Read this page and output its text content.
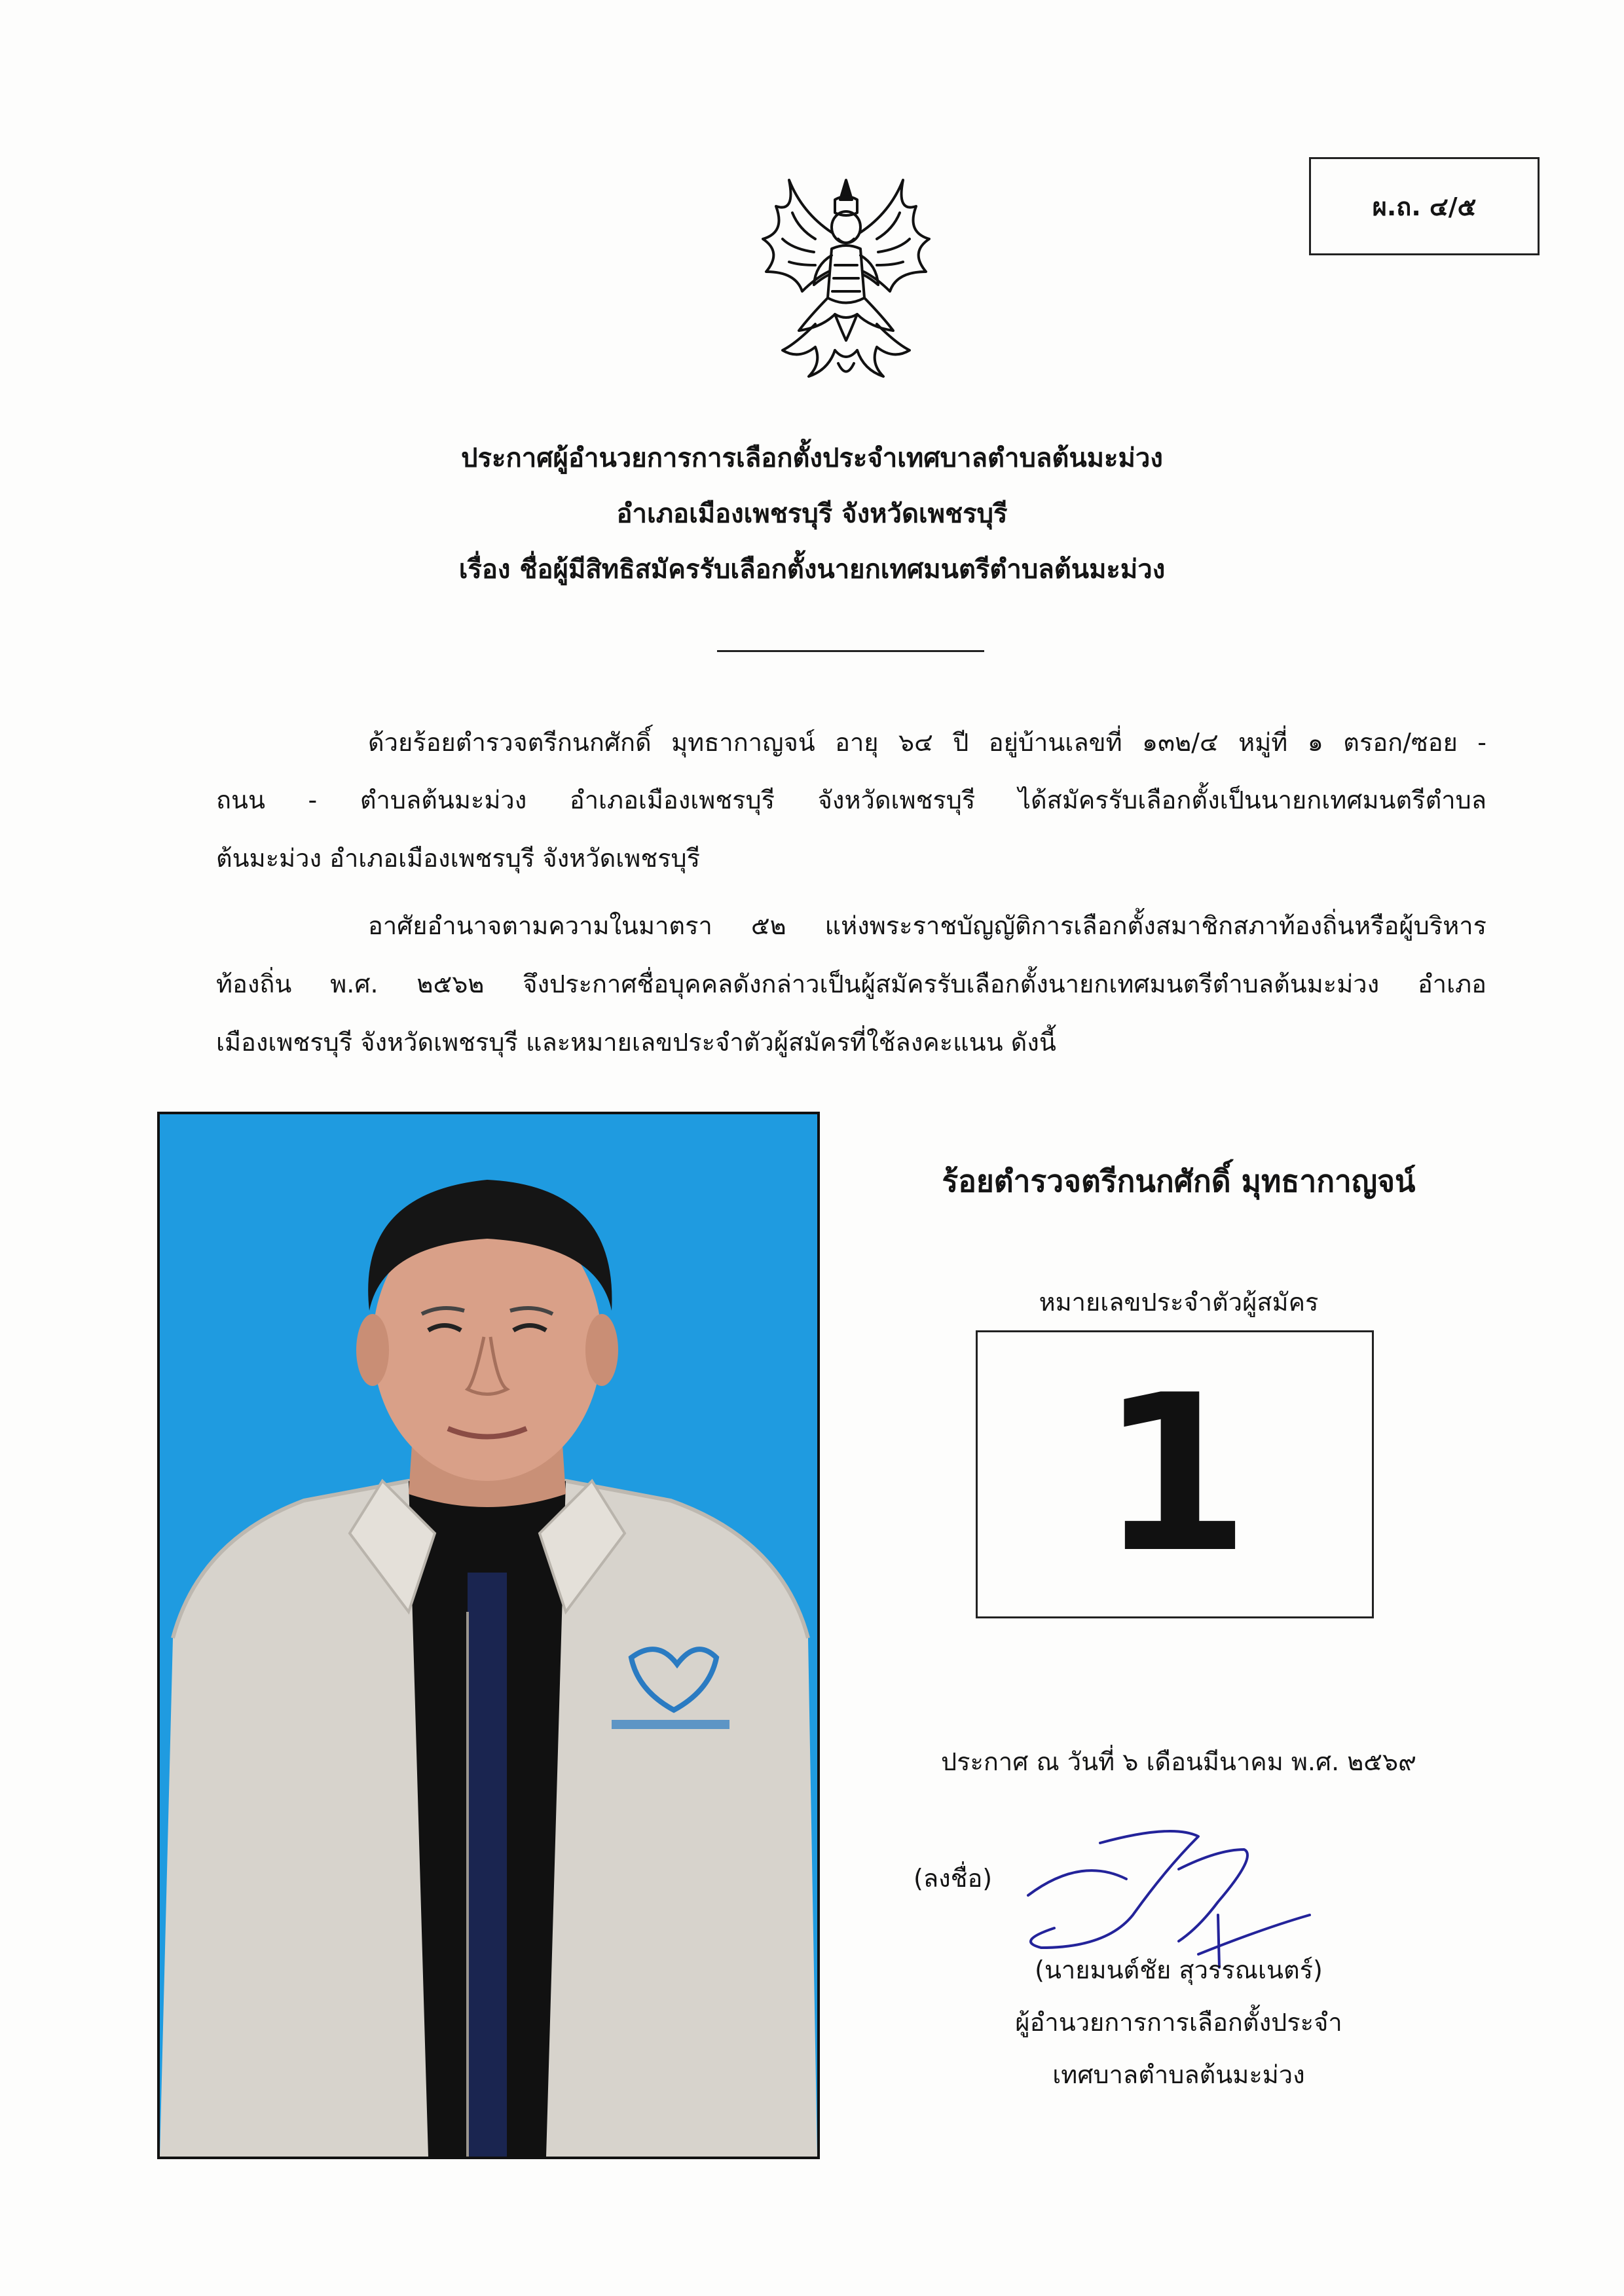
ผ.ถ. ๔/๕
ประกาศผู้อำนวยการการเลือกตั้งประจำเทศบาลตำบลต้นมะม่วง
อำเภอเมืองเพชรบุรี จังหวัดเพชรบุรี
เรื่อง ชื่อผู้มีสิทธิสมัครรับเลือกตั้งนายกเทศมนตรีตำบลต้นมะม่วง
ด้วยร้อยตำรวจตรีกนกศักดิ์ มุทธากาญจน์ อายุ ๖๔ ปี อยู่บ้านเลขที่ ๑๓๒/๔ หมู่ที่ ๑ ตรอก/ซอย -
ถนน - ตำบลต้นมะม่วง อำเภอเมืองเพชรบุรี จังหวัดเพชรบุรี ได้สมัครรับเลือกตั้งเป็นนายกเทศมนตรีตำบล
ต้นมะม่วง อำเภอเมืองเพชรบุรี จังหวัดเพชรบุรี
อาศัยอำนาจตามความในมาตรา ๕๒ แห่งพระราชบัญญัติการเลือกตั้งสมาชิกสภาท้องถิ่นหรือผู้บริหาร
ท้องถิ่น พ.ศ. ๒๕๖๒ จึงประกาศชื่อบุคคลดังกล่าวเป็นผู้สมัครรับเลือกตั้งนายกเทศมนตรีตำบลต้นมะม่วง อำเภอ
เมืองเพชรบุรี จังหวัดเพชรบุรี และหมายเลขประจำตัวผู้สมัครที่ใช้ลงคะแนน ดังนี้
ร้อยตำรวจตรีกนกศักดิ์ มุทธากาญจน์
หมายเลขประจำตัวผู้สมัคร
1
ประกาศ ณ วันที่ ๖ เดือนมีนาคม พ.ศ. ๒๕๖๙
(ลงชื่อ)
(นายมนต์ชัย สุวรรณเนตร์)
ผู้อำนวยการการเลือกตั้งประจำ
เทศบาลตำบลต้นมะม่วง
